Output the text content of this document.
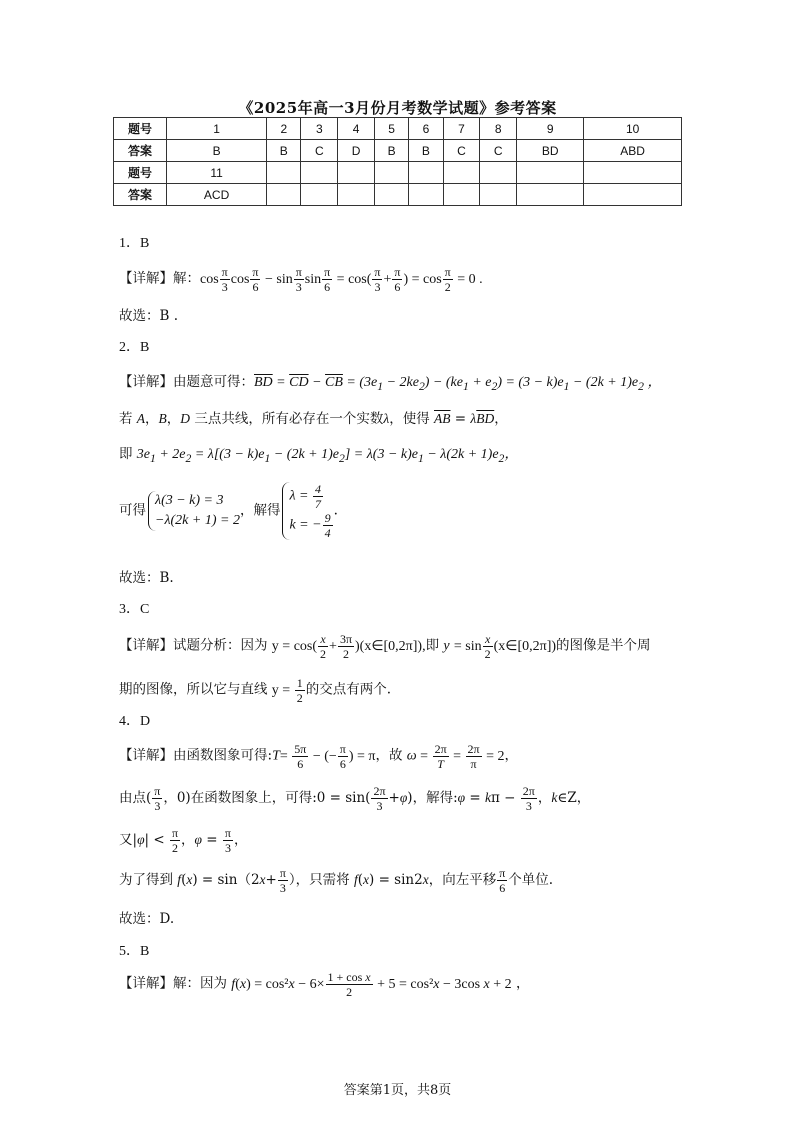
《2025年高一3月份月考数学试题》参考答案
题号	1	2	3	4	5	6	7	8	9	10
答案	B	B	C	D	B	B	C	C	BD	ABD
题号	11									
答案	ACD									
1．B
【详解】解：$\cos \frac{\pi}{3}$ $\cos \frac{\pi}{6} - \sin \frac{\pi}{3}$ $\sin \frac{\pi}{6} = \cos( \frac{\pi}{3} + \frac{\pi}{6}$ ) = $\cos \frac{\pi}{2} = 0$ .
故选：B .
2．B
【详解】由题意可得：$\overline{BD} = \overline{CD} - \overline{CB} = (3e_1 - 2ke_2) - (ke_1 + e_2) = (3 - k)e_1 - (2k + 1)e_2$ ，
若 A，B，D 三点共线，所有必存在一个实数λ，使得 $\overline{AB} = \lambda\overline{BD}$，
即 $3e_1 + 2e_2 = \lambda[(3 - k)e_1 - (2k + 1)e_2] = \lambda(3 - k)e_1 - \lambda(2k + 1)e_2$，
可得λ(3 − k) = 3
−λ(2k + 1) = 2，解得$\lambda = \frac{4}{7}$

k = − $\frac{9}{4}$
.
故选：B.
3．C
【详解】试题分析：因为 $y = \cos( \frac{x}{2} + \frac{3\pi}{2}$ )(x∈[0,2π]),即 $y = \sin \frac{x}{2}$ (x∈[0,2π])的图像是半个周
期的图像，所以它与直线 $y = \frac{1}{2}$ 的交点有两个.
4．D
【详解】由函数图象可得:T= $\frac{5\pi}{6}$ − (− $\frac{\pi}{6}$ ) = π，故 $\omega = \frac{2\pi}{T} = \frac{2\pi}{\pi} = 2$，
由点( $\frac{\pi}{3}$ ，0)在函数图象上，可得:0 = $\sin( \frac{2\pi}{3} +\varphi)$，解得:φ = $k\pi - \frac{2\pi}{3}$ ，k∈Z，
又$|\varphi| < \frac{\pi}{2}$ ，$\varphi = \frac{\pi}{3}$ ，
为了得到 $f(x) = \sin(2x+ \frac{\pi}{3}$ ），只需将 f(x) = sin2x，向左平移 $\frac{\pi}{6}$ 个单位.
故选：D.
5．B
【详解】解：因为 $f(x) = \cos^2x - 6\times \frac{\text{1 + cos x}}{2} + 5 = \cos^2x - 3\cos$ x + 2 ，
答案第1页，共8页
